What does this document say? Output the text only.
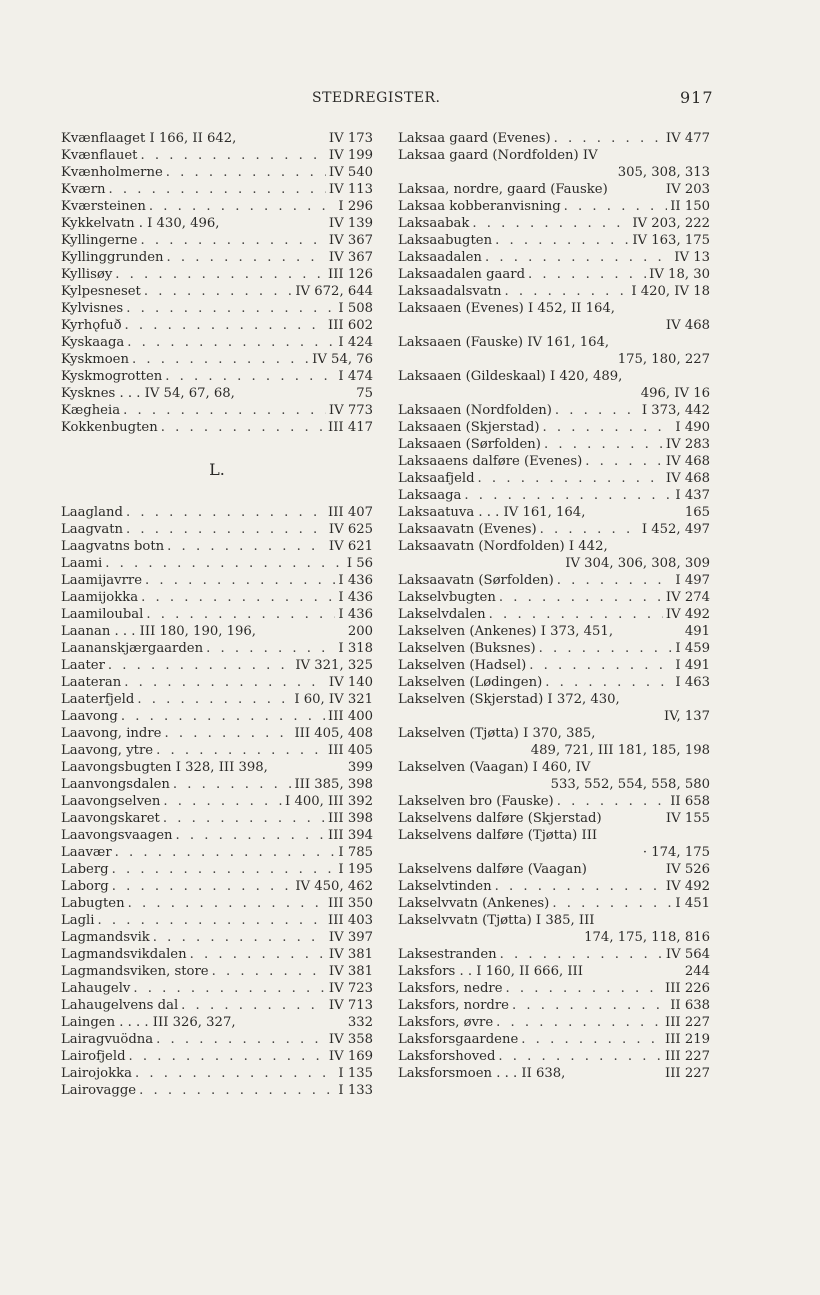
STEDREGISTER.	917
Kvænflaaget I 166, II 642,	IV 173
Kvænflauet . . .	IV 199
Kvænholmerne . . .	IV 540
Kværn . . .	IV 113
Kværsteinen . . .	I 296
Kykkelvatn . I 430, 496,	IV 139
Kyllingerne . . .	IV 367
Kyllinggrunden . . .	IV 367
Kyllisøy . . .	III 126
Kylpesneset . . .	IV 672, 644
Kylvisnes . . .	I 508
Kyrhǫfuð . . .	III 602
Kyskaaga . . .	I 424
Kyskmoen . . .	IV 54, 76
Kyskmogrotten . . .	I 474
Kysknes . . . IV 54, 67, 68,	75
Kægheia . . .	IV 773
Kokkenbugten . . .	III 417
L.
Laagland . . .	III 407
Laagvatn . . .	IV 625
Laagvatns botn . . .	IV 621
Laami . . .	I 56
Laamijavrre . . .	I 436
Laamijokka . . .	I 436
Laamiloubal . . .	I 436
Laanan . . . III 180, 190, 196,	200
Laananskjærgaarden . . .	I 318
Laater . . .	IV 321, 325
Laateran . . .	IV 140
Laaterfjeld . . .	I 60, IV 321
Laavong . . .	III 400
Laavong, indre . . .	III 405, 408
Laavong, ytre . . .	III 405
Laavongsbugten I 328, III 398,	399
Laanvongsdalen . . .	III 385, 398
Laavongselven . . .	I 400, III 392
Laavongskaret . . .	III 398
Laavongsvaagen . . .	III 394
Laavær . . .	I 785
Laberg . . .	I 195
Laborg . . .	IV 450, 462
Labugten . . .	III 350
Lagli . . .	III 403
Lagmandsvik . . .	IV 397
Lagmandsvikdalen . . .	IV 381
Lagmandsviken, store . . .	IV 381
Lahaugelv . . .	IV 723
Lahaugelvens dal . . .	IV 713
Laingen . . . . III 326, 327,	332
Lairagvuödna . . .	IV 358
Lairofjeld . . .	IV 169
Lairojokka . . .	I 135
Lairovagge . . .	I 133
Laksaa gaard (Evenes) . . .	IV 477
Laksaa gaard (Nordfolden) IV
305, 308, 313
Laksaa, nordre, gaard (Fauske)	IV 203
Laksaa kobberanvisning . . .	II 150
Laksaabak . . .	IV 203, 222
Laksaabugten . . .	IV 163, 175
Laksaadalen . . .	IV 13
Laksaadalen gaard . . .	IV 18, 30
Laksaadalsvatn . . .	I 420, IV 18
Laksaaen (Evenes) I 452, II 164,
IV 468
Laksaaen (Fauske) IV 161, 164,
175, 180, 227
Laksaaen (Gildeskaal) I 420, 489,
496, IV 16
Laksaaen (Nordfolden) . . .	I 373, 442
Laksaaen (Skjerstad) . . .	I 490
Laksaaen (Sørfolden) . . .	IV 283
Laksaaens dalføre (Evenes) . . .	IV 468
Laksaafjeld . . .	IV 468
Laksaaga . . .	I 437
Laksaatuva . . . IV 161, 164,	165
Laksaavatn (Evenes) . . .	I 452, 497
Laksaavatn (Nordfolden) I 442,
IV 304, 306, 308, 309
Laksaavatn (Sørfolden) . . .	I 497
Lakselvbugten . . .	IV 274
Lakselvdalen . . .	IV 492
Lakselven (Ankenes) I 373, 451,	491
Lakselven (Buksnes) . . .	I 459
Lakselven (Hadsel) . . .	I 491
Lakselven (Lødingen) . . .	I 463
Lakselven (Skjerstad) I 372, 430,
IV, 137
Lakselven (Tjøtta) I 370, 385,
489, 721, III 181, 185, 198
Lakselven (Vaagan) I 460, IV
533, 552, 554, 558, 580
Lakselven bro (Fauske) . . .	II 658
Lakselvens dalføre (Skjerstad)	IV 155
Lakselvens dalføre (Tjøtta) III
· 174, 175
Lakselvens dalføre (Vaagan)	IV 526
Lakselvtinden . . .	IV 492
Lakselvvatn (Ankenes) . . .	I 451
Lakselvvatn (Tjøtta) I 385, III
174, 175, 118, 816
Laksestranden . . .	IV 564
Laksfors . . I 160, II 666, III	244
Laksfors, nedre . . .	III 226
Laksfors, nordre . . .	II 638
Laksfors, øvre . . .	III 227
Laksforsgaardene . . .	III 219
Laksforshoved . . .	III 227
Laksforsmoen . . . II 638,	III 227
